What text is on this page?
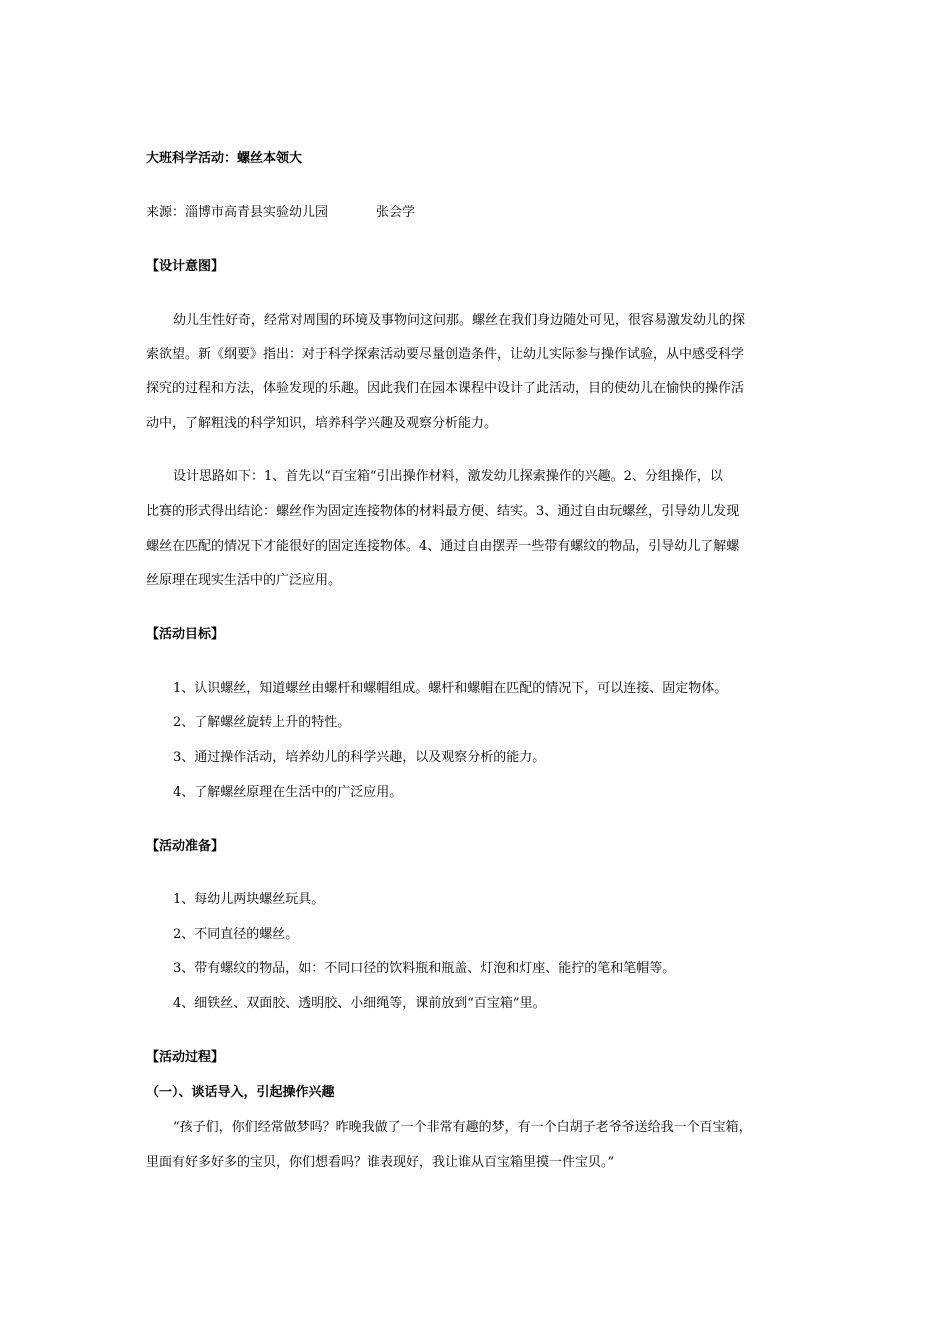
大班科学活动：螺丝本领大
来源：淄博市高青县实验幼儿园	张会学
【设计意图】
幼儿生性好奇，经常对周围的环境及事物问这问那。螺丝在我们身边随处可见，很容易激发幼儿的探
索欲望。新《纲要》指出：对于科学探索活动要尽量创造条件，让幼儿实际参与操作试验，从中感受科学
探究的过程和方法，体验发现的乐趣。因此我们在园本课程中设计了此活动，目的使幼儿在愉快的操作活
动中，了解粗浅的科学知识，培养科学兴趣及观察分析能力。
设计思路如下：1、首先以“百宝箱“引出操作材料，激发幼儿探索操作的兴趣。2、分组操作，以
比赛的形式得出结论：螺丝作为固定连接物体的材料最方便、结实。3、通过自由玩螺丝，引导幼儿发现
螺丝在匹配的情况下才能很好的固定连接物体。4、通过自由摆弄一些带有螺纹的物品，引导幼儿了解螺
丝原理在现实生活中的广泛应用。
【活动目标】
1、认识螺丝，知道螺丝由螺杆和螺帽组成。螺杆和螺帽在匹配的情况下，可以连接、固定物体。
2、了解螺丝旋转上升的特性。
3、通过操作活动，培养幼儿的科学兴趣，以及观察分析的能力。
4、了解螺丝原理在生活中的广泛应用。
【活动准备】
1、每幼儿两块螺丝玩具。
2、不同直径的螺丝。
3、带有螺纹的物品，如：不同口径的饮料瓶和瓶盖、灯泡和灯座、能拧的笔和笔帽等。
4、细铁丝、双面胶、透明胶、小细绳等，课前放到“百宝箱”里。
【活动过程】
（一）、谈话导入，引起操作兴趣
“孩子们，你们经常做梦吗？昨晚我做了一个非常有趣的梦，有一个白胡子老爷爷送给我一个百宝箱，
里面有好多好多的宝贝，你们想看吗？谁表现好，我让谁从百宝箱里摸一件宝贝。”
